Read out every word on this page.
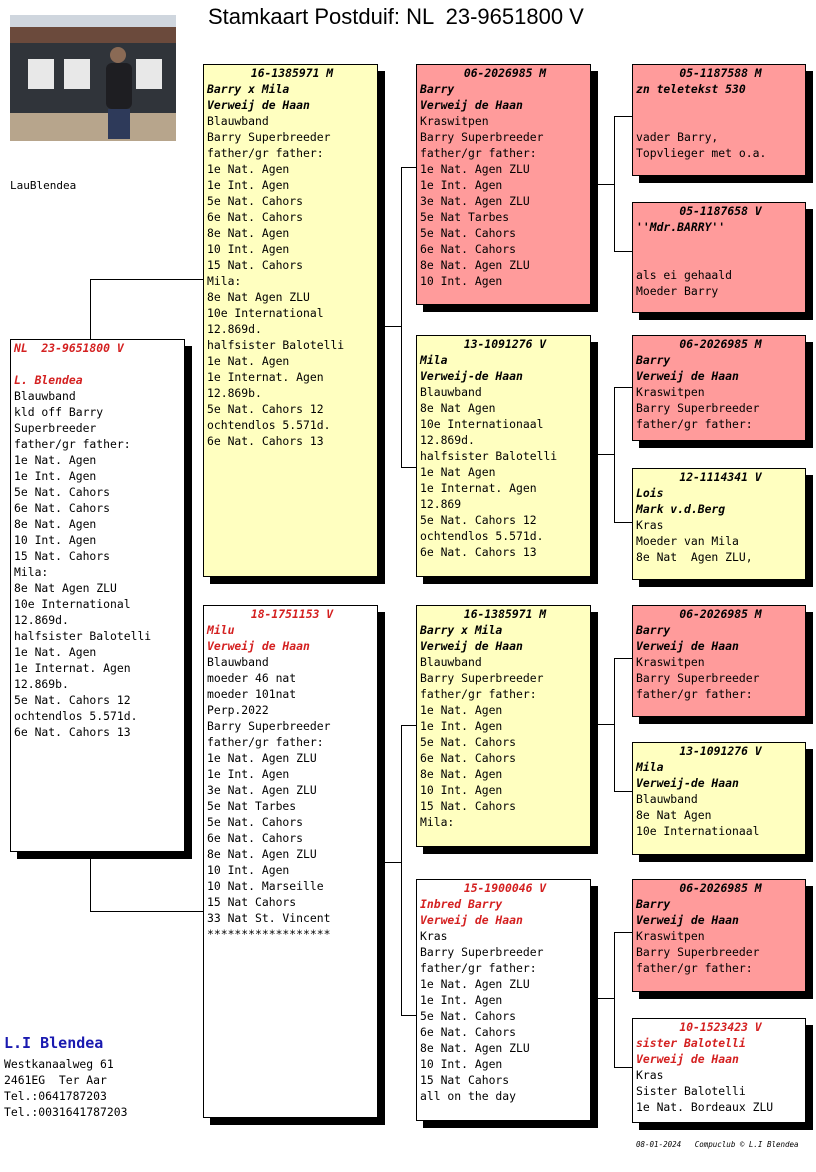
Stamkaart Postduif: NL  23-9651800 V
LauBlendea
NL  23-9651800 V
L. Blendea
Blauwband
kld off Barry
Superbreeder
father/gr father:
1e Nat. Agen
1e Int. Agen
5e Nat. Cahors
6e Nat. Cahors
8e Nat. Agen
10 Int. Agen
15 Nat. Cahors
Mila:
8e Nat Agen ZLU
10e International
12.869d.
halfsister Balotelli
1e Nat. Agen
1e Internat. Agen
12.869b.
5e Nat. Cahors 12
ochtendlos 5.571d.
6e Nat. Cahors 13
16-1385971 M
Barry x Mila
Verweij de Haan
Blauwband
Barry Superbreeder
father/gr father:
1e Nat. Agen
1e Int. Agen
5e Nat. Cahors
6e Nat. Cahors
8e Nat. Agen
10 Int. Agen
15 Nat. Cahors
Mila:
8e Nat Agen ZLU
10e International
12.869d.
halfsister Balotelli
1e Nat. Agen
1e Internat. Agen
12.869b.
5e Nat. Cahors 12
ochtendlos 5.571d.
6e Nat. Cahors 13
18-1751153 V
Milu
Verweij de Haan
Blauwband
moeder 46 nat
moeder 101nat
Perp.2022
Barry Superbreeder
father/gr father:
1e Nat. Agen ZLU
1e Int. Agen
3e Nat. Agen ZLU
5e Nat Tarbes
5e Nat. Cahors
6e Nat. Cahors
8e Nat. Agen ZLU
10 Int. Agen
10 Nat. Marseille
15 Nat Cahors
33 Nat St. Vincent
******************
06-2026985 M
Barry
Verweij de Haan
Kraswitpen
Barry Superbreeder
father/gr father:
1e Nat. Agen ZLU
1e Int. Agen
3e Nat. Agen ZLU
5e Nat Tarbes
5e Nat. Cahors
6e Nat. Cahors
8e Nat. Agen ZLU
10 Int. Agen
13-1091276 V
Mila
Verweij-de Haan
Blauwband
8e Nat Agen
10e Internationaal
12.869d.
halfsister Balotelli
1e Nat Agen
1e Internat. Agen
12.869
5e Nat. Cahors 12
ochtendlos 5.571d.
6e Nat. Cahors 13
16-1385971 M
Barry x Mila
Verweij de Haan
Blauwband
Barry Superbreeder
father/gr father:
1e Nat. Agen
1e Int. Agen
5e Nat. Cahors
6e Nat. Cahors
8e Nat. Agen
10 Int. Agen
15 Nat. Cahors
Mila:
15-1900046 V
Inbred Barry
Verweij de Haan
Kras
Barry Superbreeder
father/gr father:
1e Nat. Agen ZLU
1e Int. Agen
5e Nat. Cahors
6e Nat. Cahors
8e Nat. Agen ZLU
10 Int. Agen
15 Nat Cahors
all on the day
05-1187588 M
zn teletekst 530
vader Barry,
Topvlieger met o.a.
05-1187658 V
''Mdr.BARRY''
als ei gehaald
Moeder Barry
06-2026985 M
Barry
Verweij de Haan
Kraswitpen
Barry Superbreeder
father/gr father:
12-1114341 V
Lois
Mark v.d.Berg
Kras
Moeder van Mila
8e Nat  Agen ZLU,
06-2026985 M
Barry
Verweij de Haan
Kraswitpen
Barry Superbreeder
father/gr father:
13-1091276 V
Mila
Verweij-de Haan
Blauwband
8e Nat Agen
10e Internationaal
06-2026985 M
Barry
Verweij de Haan
Kraswitpen
Barry Superbreeder
father/gr father:
10-1523423 V
sister Balotelli
Verweij de Haan
Kras
Sister Balotelli
1e Nat. Bordeaux ZLU
L.I Blendea
Westkanaalweg 61
2461EG  Ter Aar
Tel.:0641787203
Tel.:0031641787203
08-01-2024 Compuclub © L.I Blendea
